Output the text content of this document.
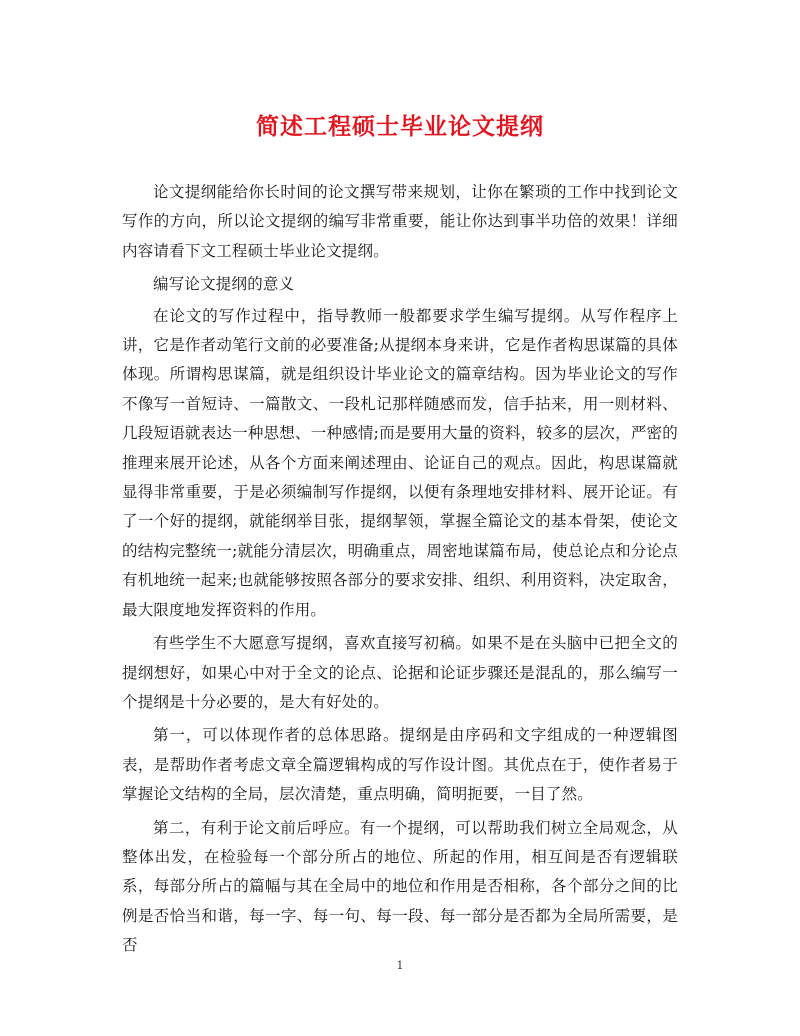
简述工程硕士毕业论文提纲

论文提纲能给你长时间的论文撰写带来规划，让你在繁琐的工作中找到论文写作的方向，所以论文提纲的编写非常重要，能让你达到事半功倍的效果！详细内容请看下文工程硕士毕业论文提纲。

编写论文提纲的意义

在论文的写作过程中，指导教师一般都要求学生编写提纲。从写作程序上讲，它是作者动笔行文前的必要准备;从提纲本身来讲，它是作者构思谋篇的具体体现。所谓构思谋篇，就是组织设计毕业论文的篇章结构。因为毕业论文的写作不像写一首短诗、一篇散文、一段札记那样随感而发，信手拈来，用一则材料、几段短语就表达一种思想、一种感情;而是要用大量的资料，较多的层次，严密的推理来展开论述，从各个方面来阐述理由、论证自己的观点。因此，构思谋篇就显得非常重要，于是必须编制写作提纲，以便有条理地安排材料、展开论证。有了一个好的提纲，就能纲举目张，提纲挈领，掌握全篇论文的基本骨架，使论文的结构完整统一;就能分清层次，明确重点，周密地谋篇布局，使总论点和分论点有机地统一起来;也就能够按照各部分的要求安排、组织、利用资料，决定取舍，最大限度地发挥资料的作用。

有些学生不大愿意写提纲，喜欢直接写初稿。如果不是在头脑中已把全文的提纲想好，如果心中对于全文的论点、论据和论证步骤还是混乱的，那么编写一个提纲是十分必要的，是大有好处的。

第一，可以体现作者的总体思路。提纲是由序码和文字组成的一种逻辑图表，是帮助作者考虑文章全篇逻辑构成的写作设计图。其优点在于，使作者易于掌握论文结构的全局，层次清楚，重点明确，简明扼要，一目了然。

第二，有利于论文前后呼应。有一个提纲，可以帮助我们树立全局观念，从整体出发，在检验每一个部分所占的地位、所起的作用，相互间是否有逻辑联系，每部分所占的篇幅与其在全局中的地位和作用是否相称，各个部分之间的比例是否恰当和谐，每一字、每一句、每一段、每一部分是否都为全局所需要，是否

1
